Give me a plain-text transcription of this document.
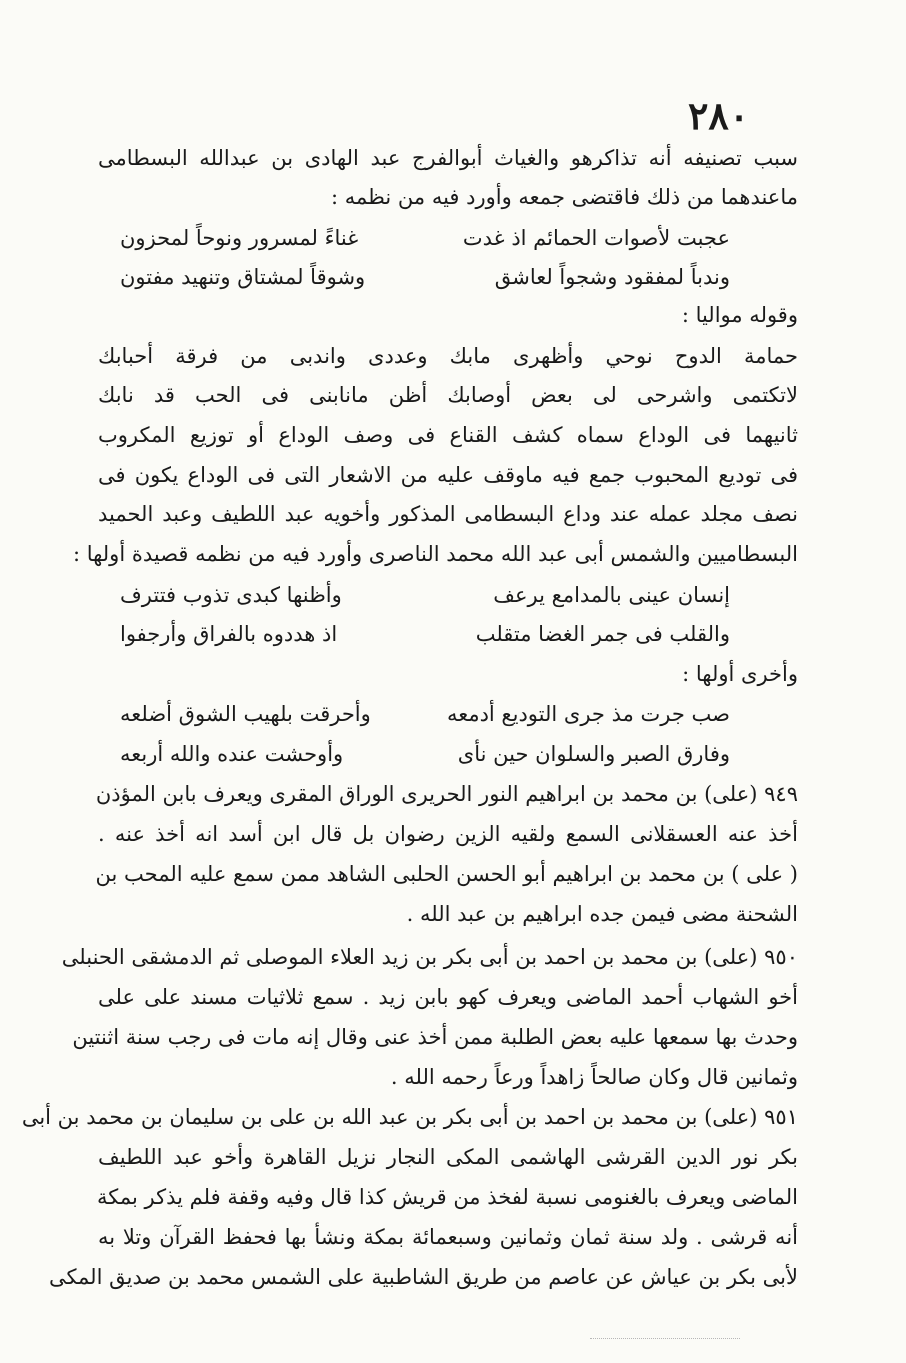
٢٨٠
سبب تصنيفه أنه تذاكرهو والغياث أبوالفرج عبد الهادى بن عبدالله البسطامى
ماعندهما من ذلك فاقتضى جمعه وأورد فيه من نظمه :
عجبت لأصوات الحمائم اذ غدت
غناءً لمسرور ونوحاً لمحزون
وندباً لمفقود وشجواً لعاشق
وشوقاً لمشتاق وتنهيد مفتون
وقوله مواليا :
حمامة الدوح نوحي وأظهرى مابك وعددى واندبى من فرقة أحبابك
لاتكتمى واشرحى لى بعض أوصابك أظن مانابنى فى الحب قد نابك
ثانيهما فى الوداع سماه كشف القناع فى وصف الوداع أو توزيع المكروب
فى توديع المحبوب جمع فيه ماوقف عليه من الاشعار التى فى الوداع يكون فى
نصف مجلد عمله عند وداع البسطامى المذكور وأخويه عبد اللطيف وعبد الحميد
البسطاميين والشمس أبى عبد الله محمد الناصرى وأورد فيه من نظمه قصيدة أولها :
إنسان عينى بالمدامع يرعف
وأظنها كبدى تذوب فتترف
والقلب فى جمر الغضا متقلب
اذ هددوه بالفراق وأرجفوا
وأخرى أولها :
صب جرت مذ جرى التوديع أدمعه
وأحرقت بلهيب الشوق أضلعه
وفارق الصبر والسلوان حين نأى
وأوحشت عنده والله أربعه
٩٤٩ (على) بن محمد بن ابراهيم النور الحريرى الوراق المقرى ويعرف بابن المؤذن
أخذ عنه العسقلانى السمع ولقيه الزين رضوان بل قال ابن أسد انه أخذ عنه .
( على ) بن محمد بن ابراهيم أبو الحسن الحلبى الشاهد ممن سمع عليه المحب بن
الشحنة مضى فيمن جده ابراهيم بن عبد الله .
٩٥٠ (على) بن محمد بن احمد بن أبى بكر بن زيد العلاء الموصلى ثم الدمشقى الحنبلى
أخو الشهاب أحمد الماضى ويعرف كهو بابن زيد . سمع ثلاثيات مسند على على
وحدث بها سمعها عليه بعض الطلبة ممن أخذ عنى وقال إنه مات فى رجب سنة اثنتين
وثمانين قال وكان صالحاً زاهداً ورعاً رحمه الله .
٩٥١ (على) بن محمد بن احمد بن أبى بكر بن عبد الله بن على بن سليمان بن محمد بن أبى
بكر نور الدين القرشى الهاشمى المكى النجار نزيل القاهرة وأخو عبد اللطيف
الماضى ويعرف بالغنومى نسبة لفخذ من قريش كذا قال وفيه وقفة فلم يذكر بمكة
أنه قرشى . ولد سنة ثمان وثمانين وسبعمائة بمكة ونشأ بها فحفظ القرآن وتلا به
لأبى بكر بن عياش عن عاصم من طريق الشاطبية على الشمس محمد بن صديق المكى
